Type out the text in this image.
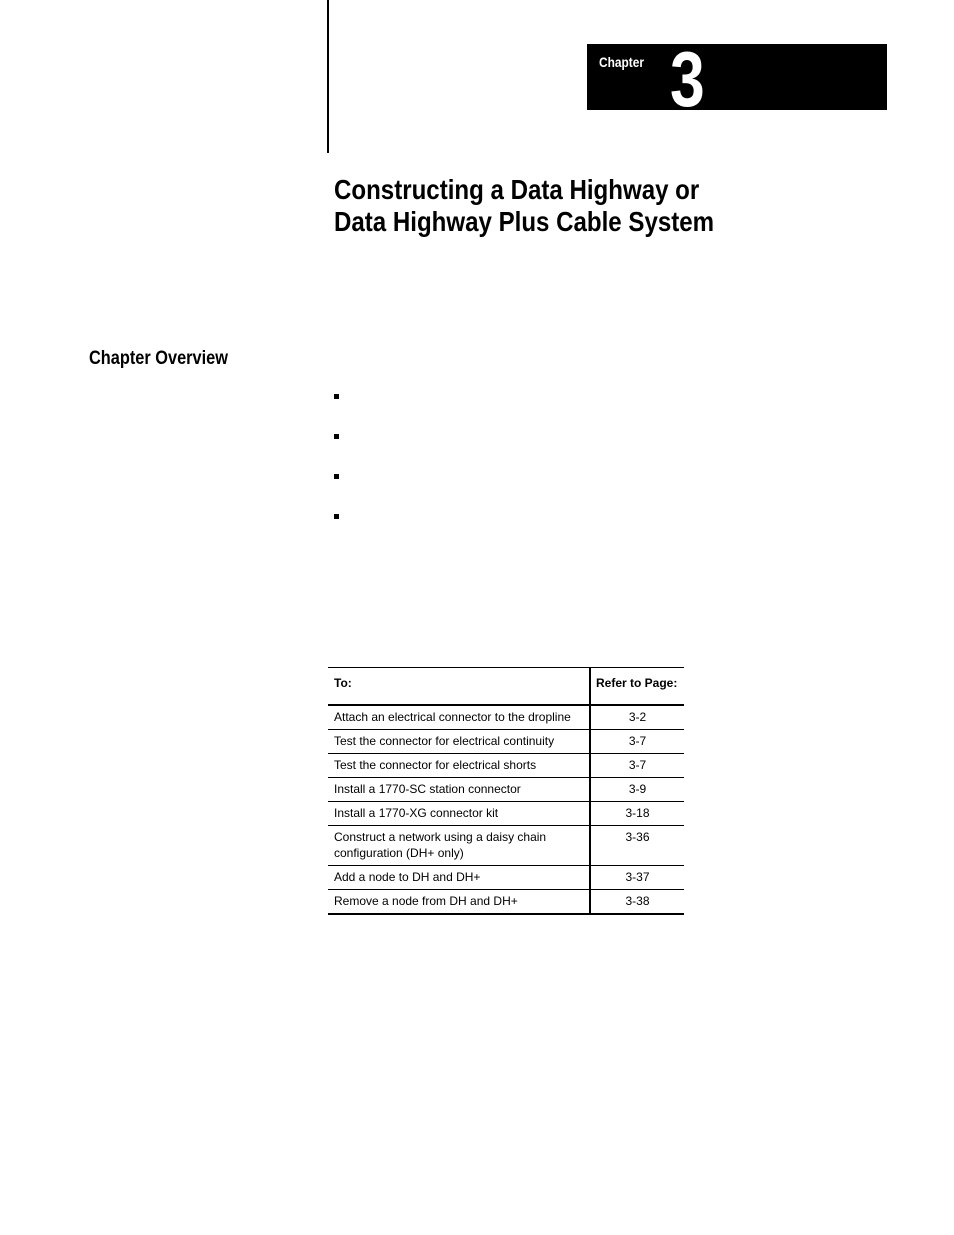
Chapter 3
Constructing a Data Highway or
Data Highway Plus Cable System
Chapter Overview
To:	Refer to Page:
Attach an electrical connector to the dropline	3-2
Test the connector for electrical continuity	3-7
Test the connector for electrical shorts	3-7
Install a 1770-SC station connector	3-9
Install a 1770-XG connector kit	3-18
Construct a network using a daisy chain configuration (DH+ only)	3-36
Add a node to DH and DH+	3-37
Remove a node from DH and DH+	3-38
